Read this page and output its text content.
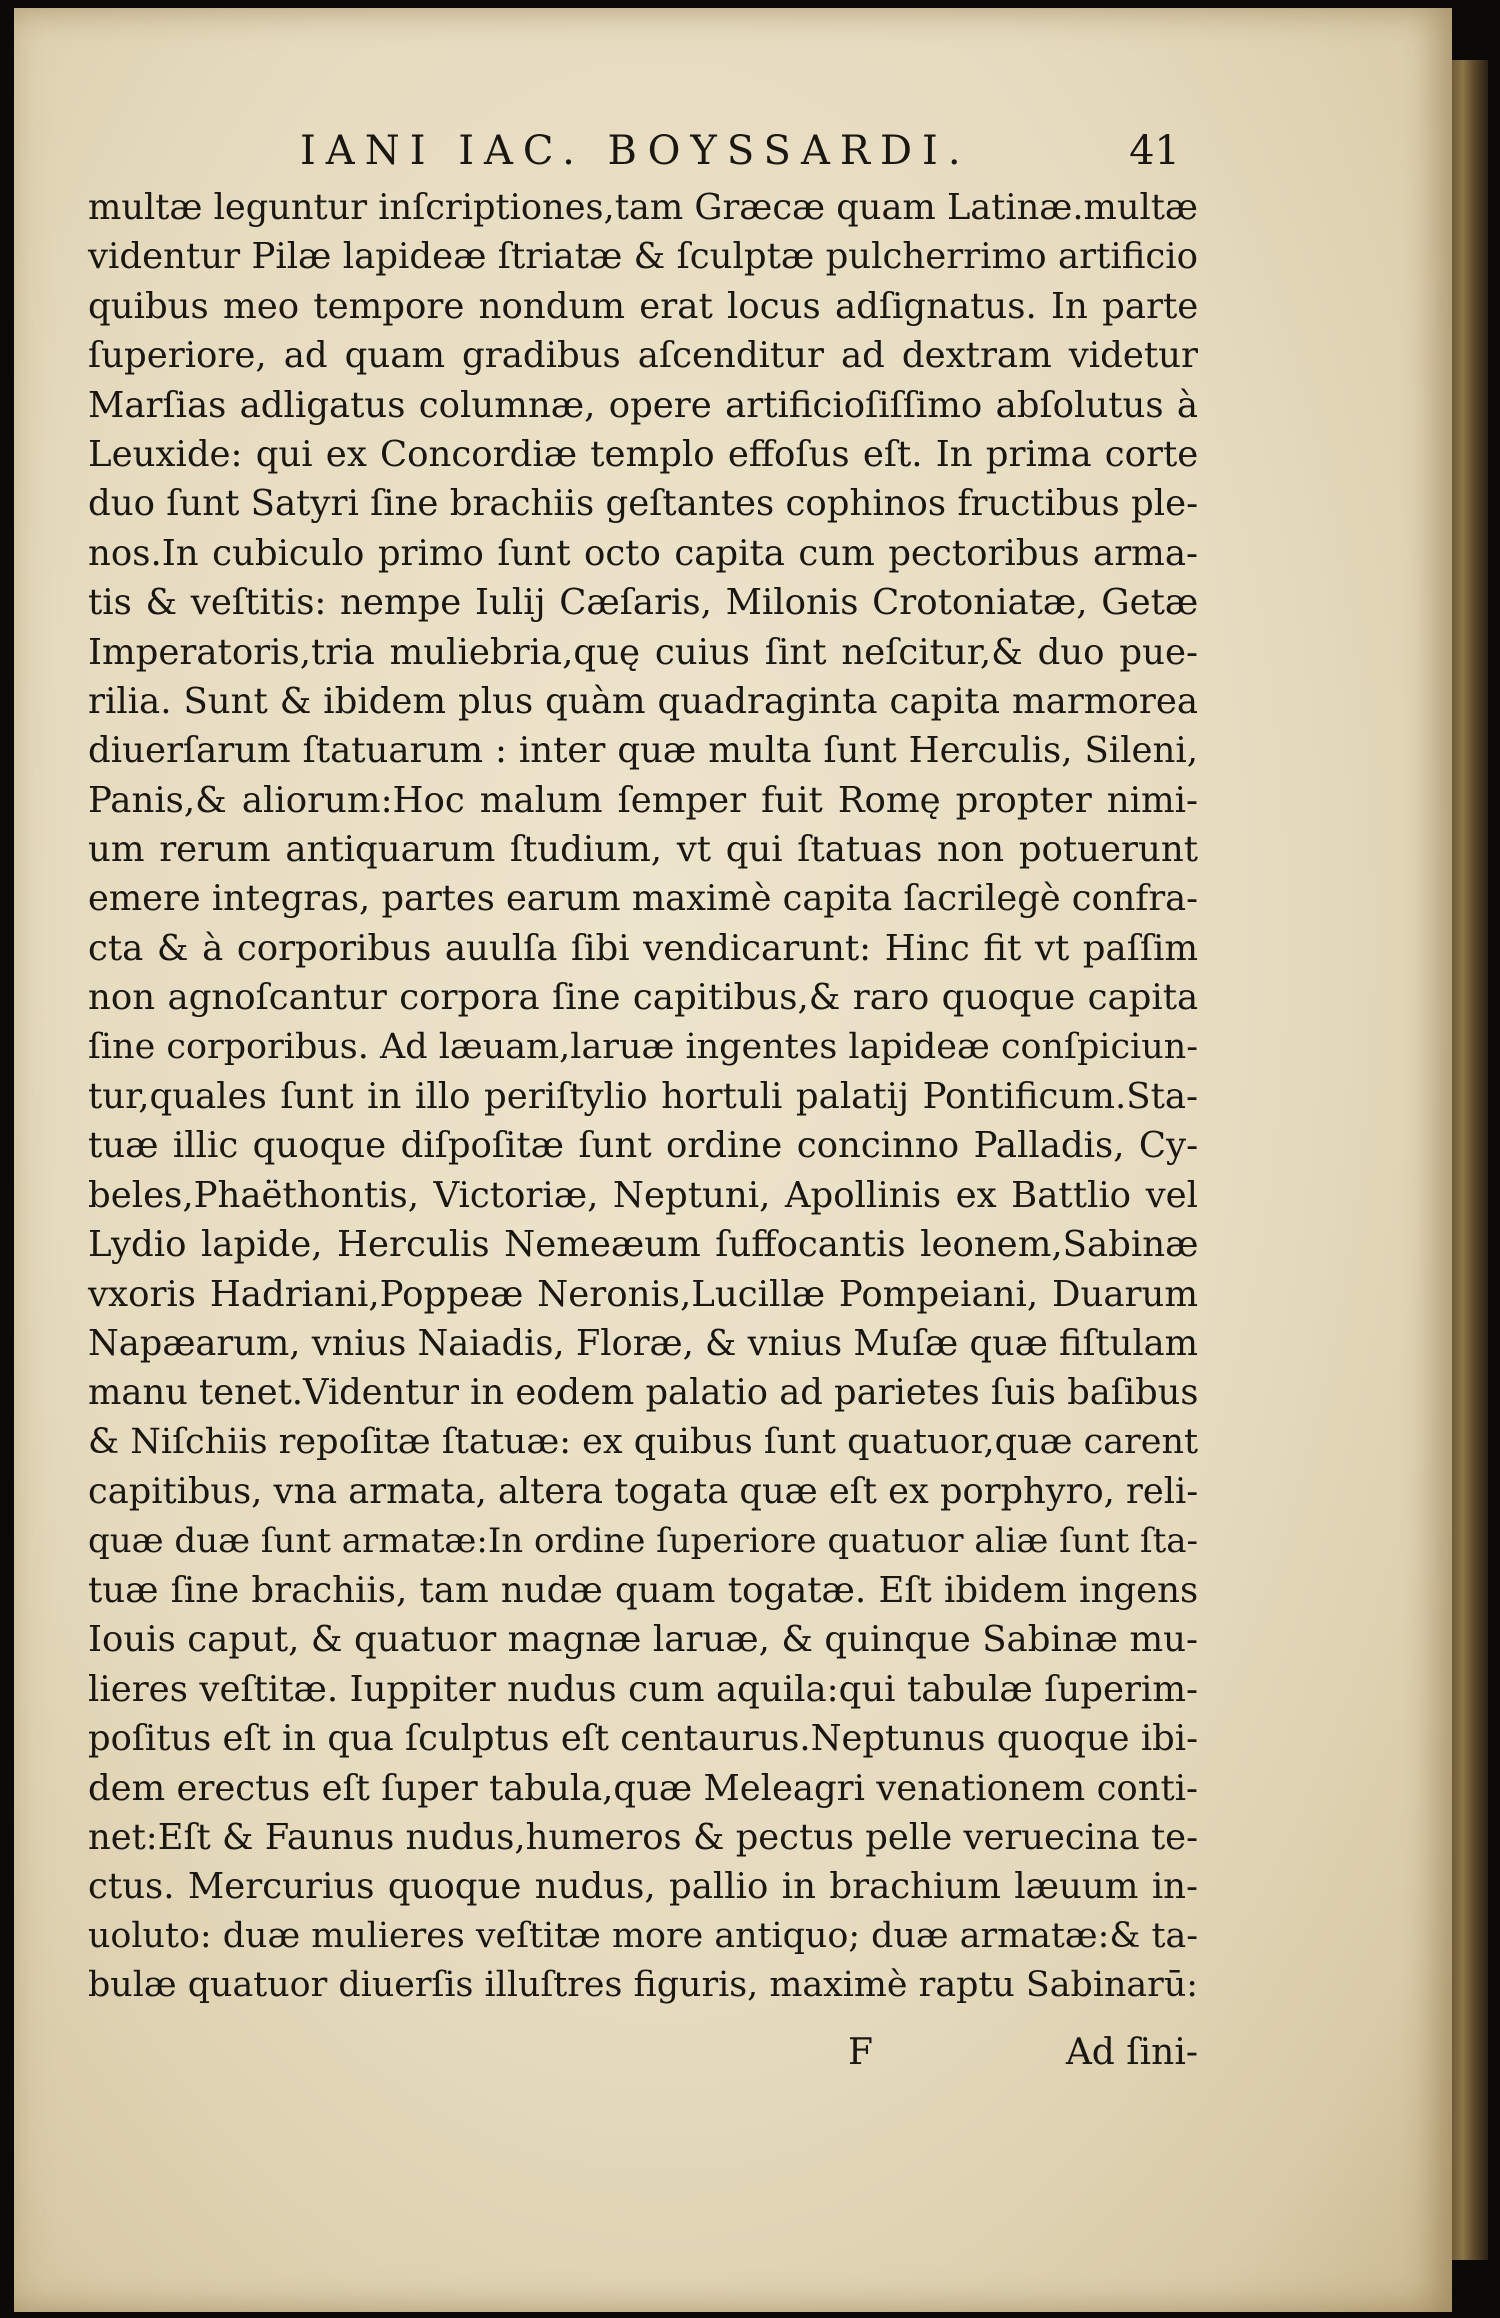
IANI IAC. BOYSSARDI.	41
multæ leguntur inſcriptiones,tam Græcæ quam Latinæ.multæ
videntur Pilæ lapideæ ſtriatæ & ſculptæ pulcherrimo artificio
quibus meo tempore nondum erat locus adſignatus. In parte
ſuperiore, ad quam gradibus aſcenditur ad dextram videtur
Marſias adligatus columnæ, opere artificioſiſſimo abſolutus à
Leuxide: qui ex Concordiæ templo effoſus eſt. In prima corte
duo ſunt Satyri ſine brachiis geſtantes cophinos fructibus ple-
nos.In cubiculo primo ſunt octo capita cum pectoribus arma-
tis & veſtitis: nempe Iulij Cæſaris, Milonis Crotoniatæ, Getæ
Imperatoris,tria muliebria,quę cuius ſint neſcitur,& duo pue-
rilia. Sunt & ibidem plus quàm quadraginta capita marmorea
diuerſarum ſtatuarum : inter quæ multa ſunt Herculis, Sileni,
Panis,& aliorum:Hoc malum ſemper fuit Romę propter nimi-
um rerum antiquarum ſtudium, vt qui ſtatuas non potuerunt
emere integras, partes earum maximè capita ſacrilegè confra-
cta & à corporibus auulſa ſibi vendicarunt: Hinc fit vt paſſim
non agnoſcantur corpora ſine capitibus,& raro quoque capita
ſine corporibus. Ad læuam,laruæ ingentes lapideæ conſpiciun-
tur,quales ſunt in illo periſtylio hortuli palatij Pontificum.Sta-
tuæ illic quoque diſpoſitæ ſunt ordine concinno Palladis, Cy-
beles,Phaëthontis, Victoriæ, Neptuni, Apollinis ex Battlio vel
Lydio lapide, Herculis Nemeæum ſuffocantis leonem,Sabinæ
vxoris Hadriani,Poppeæ Neronis,Lucillæ Pompeiani, Duarum
Napæarum, vnius Naiadis, Floræ, & vnius Muſæ quæ fiſtulam
manu tenet.Videntur in eodem palatio ad parietes ſuis baſibus
& Niſchiis repoſitæ ſtatuæ: ex quibus ſunt quatuor,quæ carent
capitibus, vna armata, altera togata quæ eſt ex porphyro, reli-
quæ duæ ſunt armatæ:In ordine ſuperiore quatuor aliæ ſunt ſta-
tuæ ſine brachiis, tam nudæ quam togatæ. Eſt ibidem ingens
Iouis caput, & quatuor magnæ laruæ, & quinque Sabinæ mu-
lieres veſtitæ. Iuppiter nudus cum aquila:qui tabulæ ſuperim-
poſitus eſt in qua ſculptus eſt centaurus.Neptunus quoque ibi-
dem erectus eſt ſuper tabula,quæ Meleagri venationem conti-
net:Eſt & Faunus nudus,humeros & pectus pelle veruecina te-
ctus. Mercurius quoque nudus, pallio in brachium læuum in-
uoluto: duæ mulieres veſtitæ more antiquo; duæ armatæ:& ta-
bulæ quatuor diuerſis illuſtres figuris, maximè raptu Sabinarū:
F	Ad ſini-
